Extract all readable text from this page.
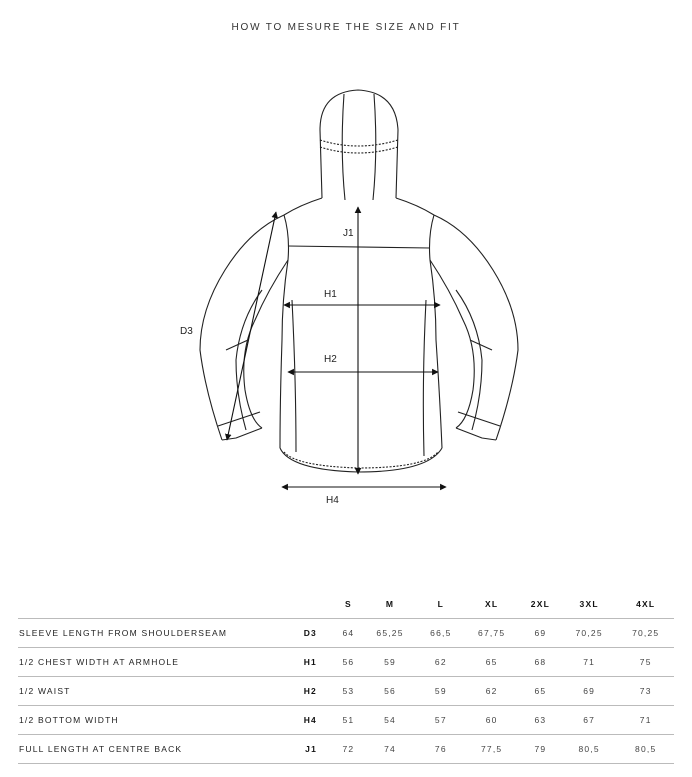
HOW TO MESURE THE SIZE AND FIT
J1
H1
H2
H4
D3
		S	M	L	XL	2XL	3XL	4XL
SLEEVE LENGTH FROM SHOULDERSEAM	D3	64	65,25	66,5	67,75	69	70,25	70,25
1/2 CHEST WIDTH AT ARMHOLE	H1	56	59	62	65	68	71	75
1/2 WAIST	H2	53	56	59	62	65	69	73
1/2 BOTTOM WIDTH	H4	51	54	57	60	63	67	71
FULL LENGTH AT CENTRE BACK	J1	72	74	76	77,5	79	80,5	80,5
